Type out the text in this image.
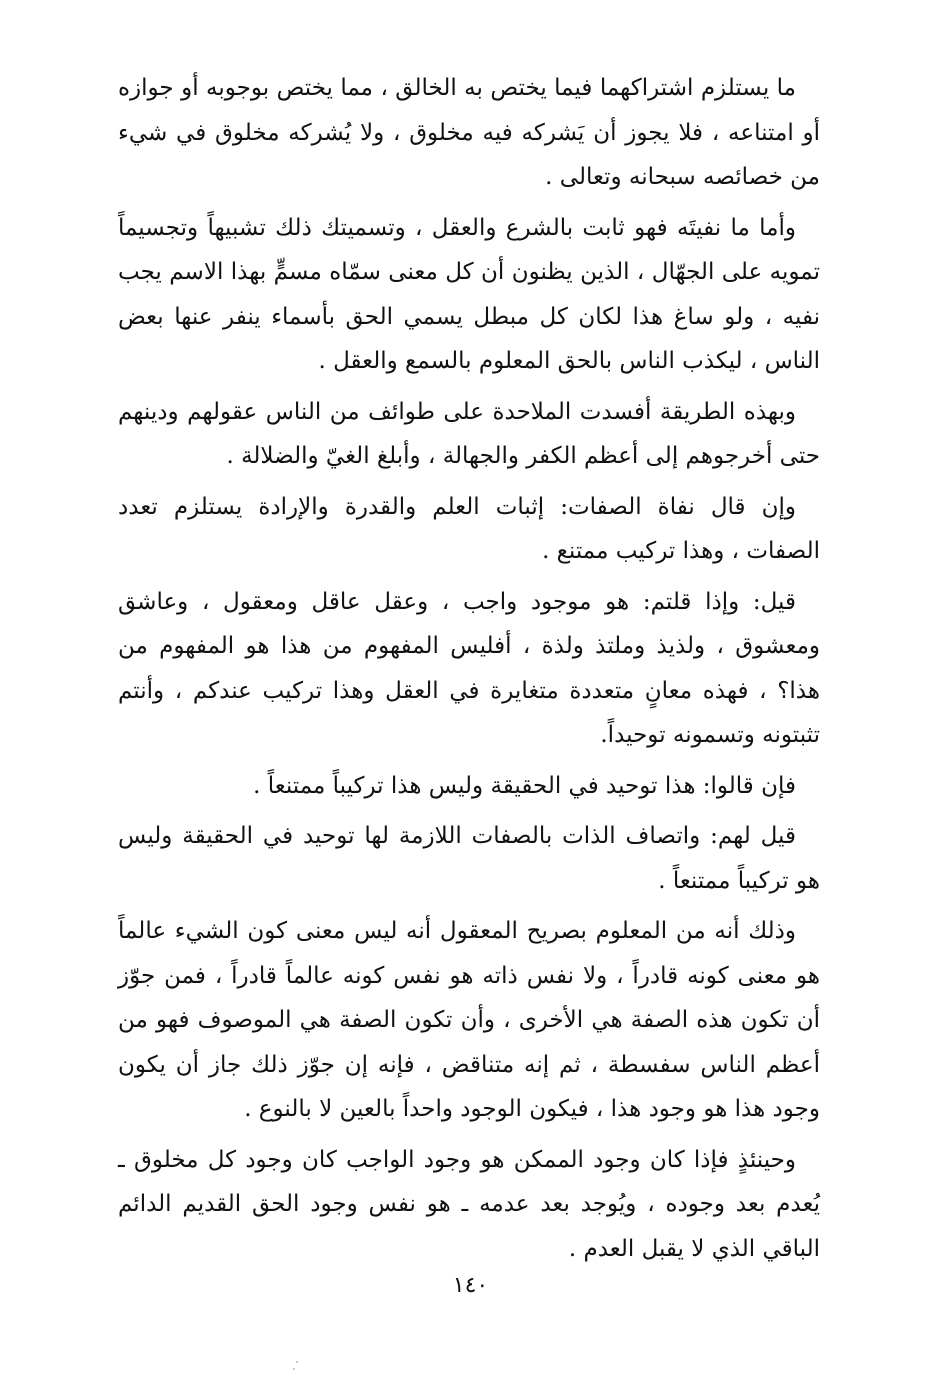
ما يستلزم اشتراكهما فيما يختص به الخالق ، مما يختص بوجوبه أو جوازه أو امتناعه ، فلا يجوز أن يَشركه فيه مخلوق ، ولا يُشركه مخلوق في شيء من خصائصه سبحانه وتعالى .

وأما ما نفيتَه فهو ثابت بالشرع والعقل ، وتسميتك ذلك تشبيهاً وتجسيماً تمويه على الجهّال ، الذين يظنون أن كل معنى سمّاه مسمٍّ بهذا الاسم يجب نفيه ، ولو ساغ هذا لكان كل مبطل يسمي الحق بأسماء ينفر عنها بعض الناس ، ليكذب الناس بالحق المعلوم بالسمع والعقل .

وبهذه الطريقة أفسدت الملاحدة على طوائف من الناس عقولهم ودينهم حتى أخرجوهم إلى أعظم الكفر والجهالة ، وأبلغ الغيّ والضلالة .

وإن قال نفاة الصفات: إثبات العلم والقدرة والإرادة يستلزم تعدد الصفات ، وهذا تركيب ممتنع .

قيل: وإذا قلتم: هو موجود واجب ، وعقل عاقل ومعقول ، وعاشق ومعشوق ، ولذيذ وملتذ ولذة ، أفليس المفهوم من هذا هو المفهوم من هذا؟ ، فهذه معانٍ متعددة متغايرة في العقل وهذا تركيب عندكم ، وأنتم تثبتونه وتسمونه توحيداً.

فإن قالوا: هذا توحيد في الحقيقة وليس هذا تركيباً ممتنعاً .

قيل لهم: واتصاف الذات بالصفات اللازمة لها توحيد في الحقيقة وليس هو تركيباً ممتنعاً .

وذلك أنه من المعلوم بصريح المعقول أنه ليس معنى كون الشيء عالماً هو معنى كونه قادراً ، ولا نفس ذاته هو نفس كونه عالماً قادراً ، فمن جوّز أن تكون هذه الصفة هي الأخرى ، وأن تكون الصفة هي الموصوف فهو من أعظم الناس سفسطة ، ثم إنه متناقض ، فإنه إن جوّز ذلك جاز أن يكون وجود هذا هو وجود هذا ، فيكون الوجود واحداً بالعين لا بالنوع .

وحينئذٍ فإذا كان وجود الممكن هو وجود الواجب كان وجود كل مخلوق ـ يُعدم بعد وجوده ، ويُوجد بعد عدمه ـ هو نفس وجود الحق القديم الدائم الباقي الذي لا يقبل العدم .

١٤٠
